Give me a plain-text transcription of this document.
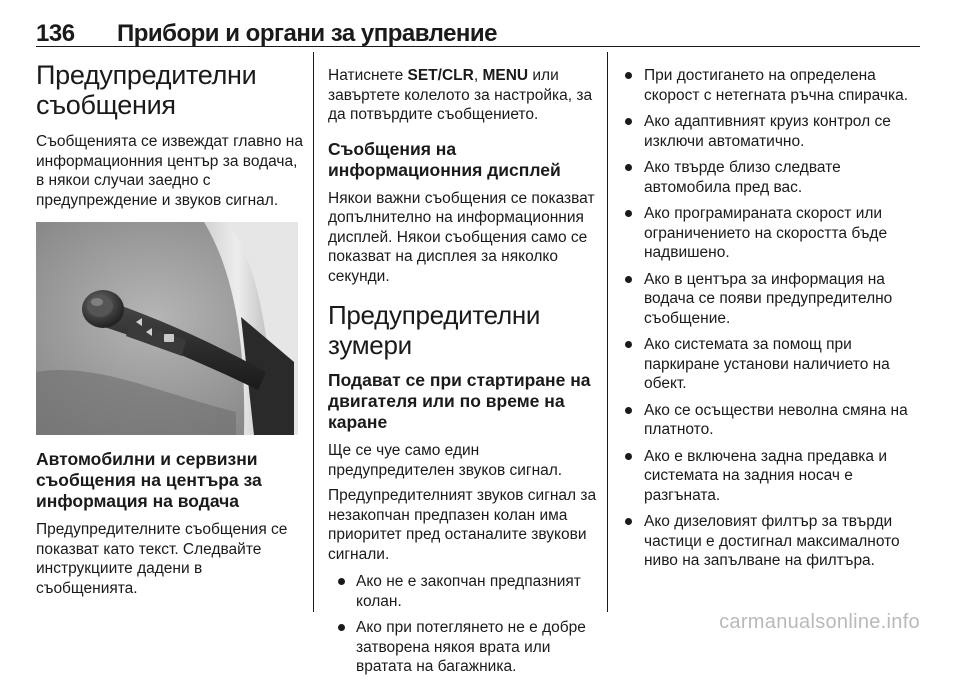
136 Прибори и органи за управление
Предупредителни съобщения
Съобщенията се извеждат главно на информационния център за водача, в някои случаи заедно с предупреждение и звуков сигнал.
Автомобилни и сервизни съобщения на центъра за информация на водача
Предупредителните съобщения се показват като текст. Следвайте инструкциите дадени в съобщенията.
Натиснете SET/CLR, MENU или завъртете колелото за настройка, за да потвърдите съобщението.
Съобщения на информационния дисплей
Някои важни съобщения се показват допълнително на информационния дисплей. Някои съобщения само се показват на дисплея за няколко секунди.
Предупредителни зумери
Подават се при стартиране на двигателя или по време на каране
Ще се чуе само един предупредителен звуков сигнал.
Предупредителният звуков сигнал за незакопчан предпазен колан има приоритет пред останалите звукови сигнали.
Ако не е закопчан предпазният колан.
Ако при потеглянето не е добре затворена някоя врата или вратата на багажника.
При достигането на определена скорост с нетегната ръчна спирачка.
Ако адаптивният круиз контрол се изключи автоматично.
Ако твърде близо следвате автомобила пред вас.
Ако програмираната скорост или ограничението на скоростта бъде надвишено.
Ако в центъра за информация на водача се появи предупредително съобщение.
Ако системата за помощ при паркиране установи наличието на обект.
Ако се осъществи неволна смяна на платното.
Ако е включена задна предавка и системата на задния носач е разгъната.
Ако дизеловият филтър за твърди частици е достигнал максималното ниво на запълване на филтъра.
carmanualsonline.info
